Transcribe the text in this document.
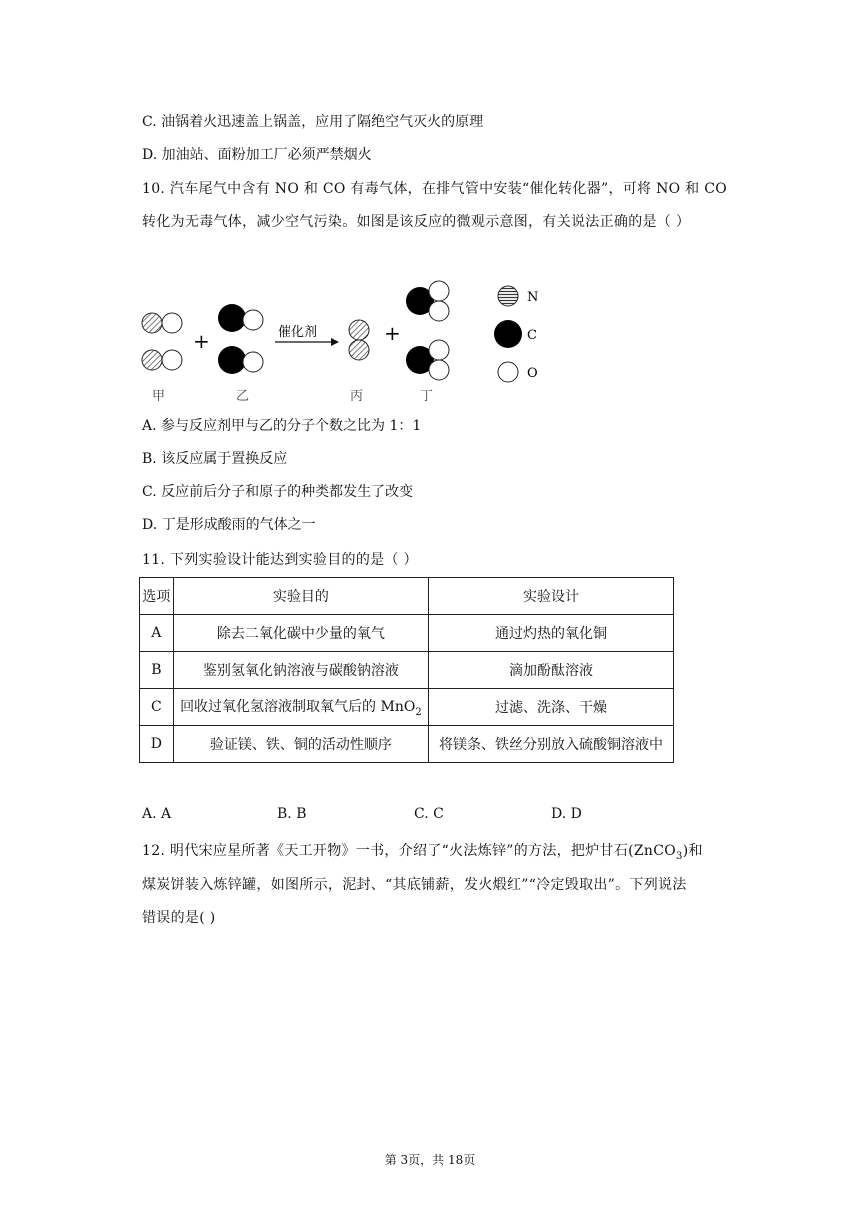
C. 油锅着火迅速盖上锅盖，应用了隔绝空气灭火的原理
D. 加油站、面粉加工厂必须严禁烟火
10. 汽车尾气中含有 NO 和 CO 有毒气体，在排气管中安装“催化转化器”，可将 NO 和 CO
转化为无毒气体，减少空气污染。如图是该反应的微观示意图，有关说法正确的是（ ）
+	催化剂	+
甲	乙	丙	丁
N
C
O
A. 参与反应剂甲与乙的分子个数之比为 1：1
B. 该反应属于置换反应
C. 反应前后分子和原子的种类都发生了改变
D. 丁是形成酸雨的气体之一
11. 下列实验设计能达到实验目的的是（ ）
选项	实验目的	实验设计
A	除去二氧化碳中少量的氧气	通过灼热的氧化铜
B	鉴别氢氧化钠溶液与碳酸钠溶液	滴加酚酞溶液
C	回收过氧化氢溶液制取氧气后的 MnO$_2$	过滤、洗涤、干燥
D	验证镁、铁、铜的活动性顺序	将镁条、铁丝分别放入硫酸铜溶液中
A. A	B. B	C. C	D. D
12. 明代宋应星所著《天工开物》一书，介绍了“火法炼锌”的方法，把炉甘石(ZnCO$_3$)和
煤炭饼装入炼锌罐，如图所示，泥封、“其底铺薪，发火煅红”“冷定毁取出”。下列说法
错误的是( )
第 3页，共 18页
